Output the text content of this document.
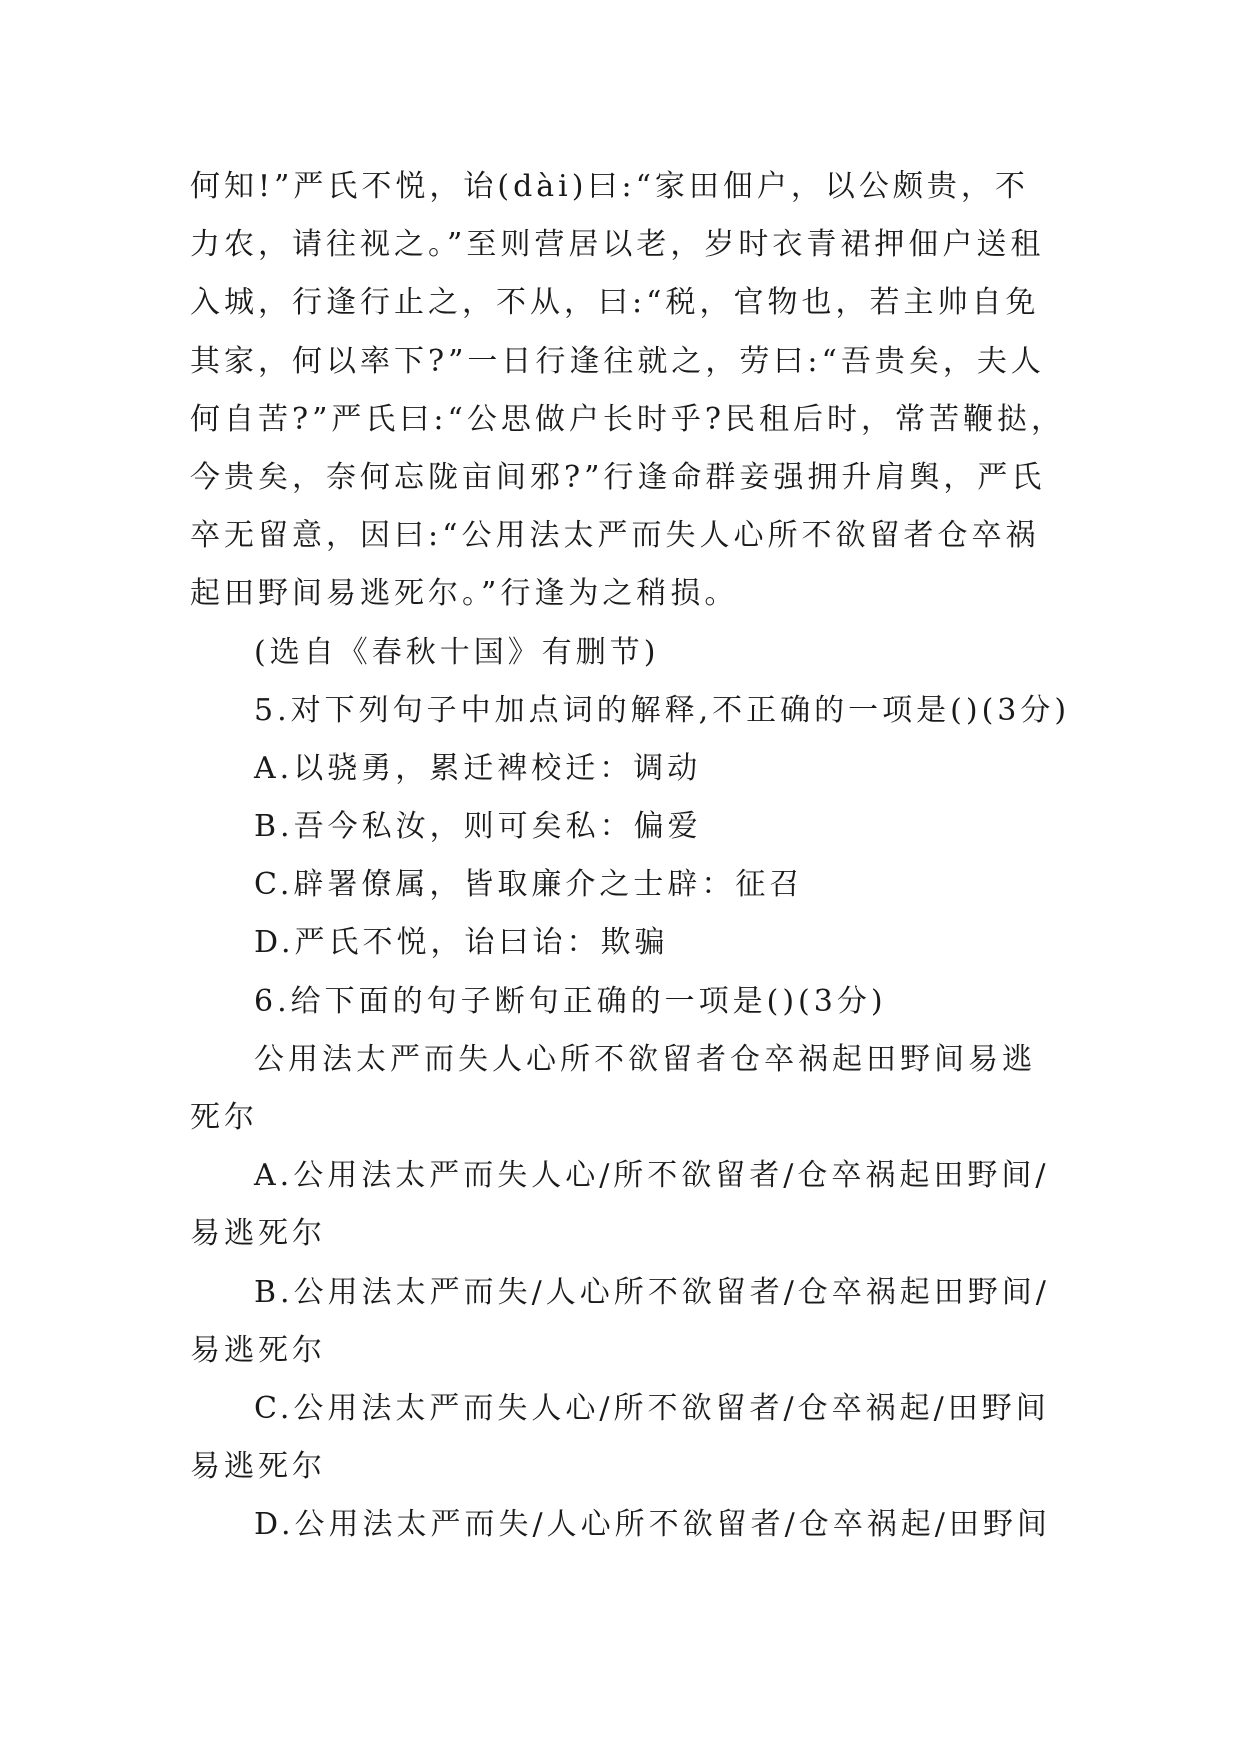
何知!”严氏不悦，诒(dài)曰:“家田佃户，以公颇贵，不
力农，请往视之。”至则营居以老，岁时衣青裙押佃户送租
入城，行逢行止之，不从，曰:“税，官物也，若主帅自免
其家，何以率下?”一日行逢往就之，劳曰:“吾贵矣，夫人
何自苦?”严氏曰:“公思做户长时乎?民租后时，常苦鞭挞，
今贵矣，奈何忘陇亩间邪?”行逢命群妾强拥升肩舆，严氏
卒无留意，因曰:“公用法太严而失人心所不欲留者仓卒祸
起田野间易逃死尔。”行逢为之稍损。
(选自《春秋十国》有删节)
5.对下列句子中加点词的解释,不正确的一项是()(3分)
A.以骁勇，累迁裨校迁：调动
B.吾今私汝，则可矣私：偏爱
C.辟署僚属，皆取廉介之士辟：征召
D.严氏不悦，诒曰诒：欺骗
6.给下面的句子断句正确的一项是()(3分)
公用法太严而失人心所不欲留者仓卒祸起田野间易逃
死尔
A.公用法太严而失人心/所不欲留者/仓卒祸起田野间/
易逃死尔
B.公用法太严而失/人心所不欲留者/仓卒祸起田野间/
易逃死尔
C.公用法太严而失人心/所不欲留者/仓卒祸起/田野间
易逃死尔
D.公用法太严而失/人心所不欲留者/仓卒祸起/田野间
